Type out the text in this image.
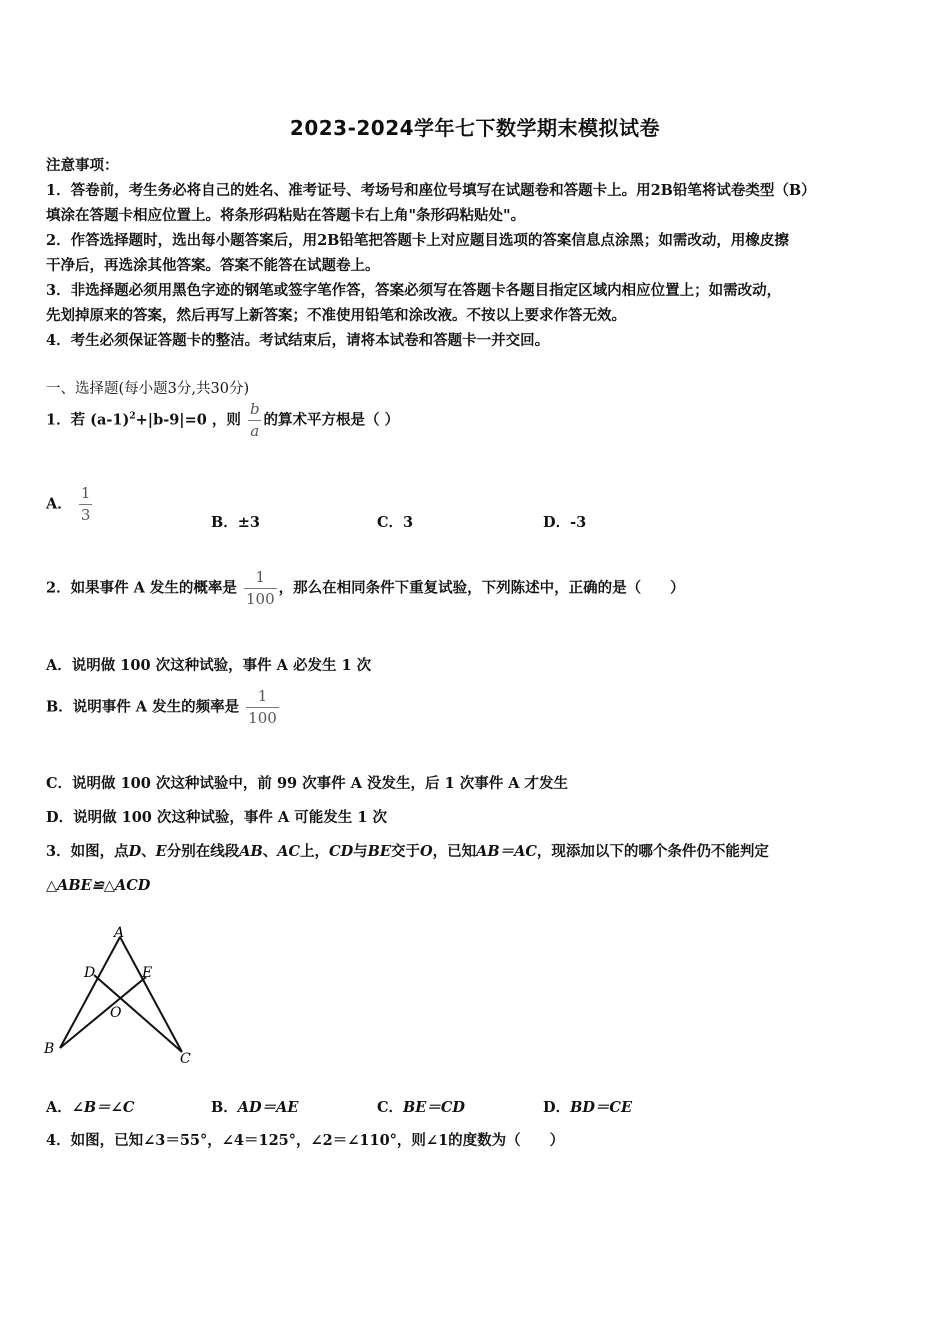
2023-2024学年七下数学期末模拟试卷
注意事项：
1．答卷前，考生务必将自己的姓名、准考证号、考场号和座位号填写在试题卷和答题卡上。用2B铅笔将试卷类型（B）
填涂在答题卡相应位置上。将条形码粘贴在答题卡右上角"条形码粘贴处"。
2．作答选择题时，选出每小题答案后，用2B铅笔把答题卡上对应题目选项的答案信息点涂黑；如需改动，用橡皮擦
干净后，再选涂其他答案。答案不能答在试题卷上。
3．非选择题必须用黑色字迹的钢笔或签字笔作答，答案必须写在答题卡各题目指定区域内相应位置上；如需改动，
先划掉原来的答案，然后再写上新答案；不准使用铅笔和涂改液。不按以上要求作答无效。
4．考生必须保证答题卡的整洁。考试结束后，请将本试卷和答题卡一并交回。
一、选择题(每小题3分,共30分)
1．若 $(a-1)^2+|b-9|=0$ ，则 $\frac{b}{a}$ 的算术平方根是（ ）
A． $\frac{1}{3}$	B．±3	C．3	D．-3
2．如果事件 A 发生的概率是 $\frac{1}{100}$ ，那么在相同条件下重复试验，下列陈述中，正确的是（　　）
A．说明做 100 次这种试验，事件 A 必发生 1 次
B．说明事件 A 发生的频率是 $\frac{1}{100}$
C．说明做 100 次这种试验中，前 99 次事件 A 没发生，后 1 次事件 A 才发生
D．说明做 100 次这种试验，事件 A 可能发生 1 次
3．如图，点D、E分别在线段AB、AC上，CD与BE交于O，已知AB＝AC，现添加以下的哪个条件仍不能判定
△ABE≌△ACD
A
D	E
O
B
C
A．∠B＝∠C	B．AD＝AE	C．BE＝CD	D．BD＝CE
4．如图，已知∠3＝55°，∠4＝125°，∠2＝∠110°，则∠1的度数为（　　）
